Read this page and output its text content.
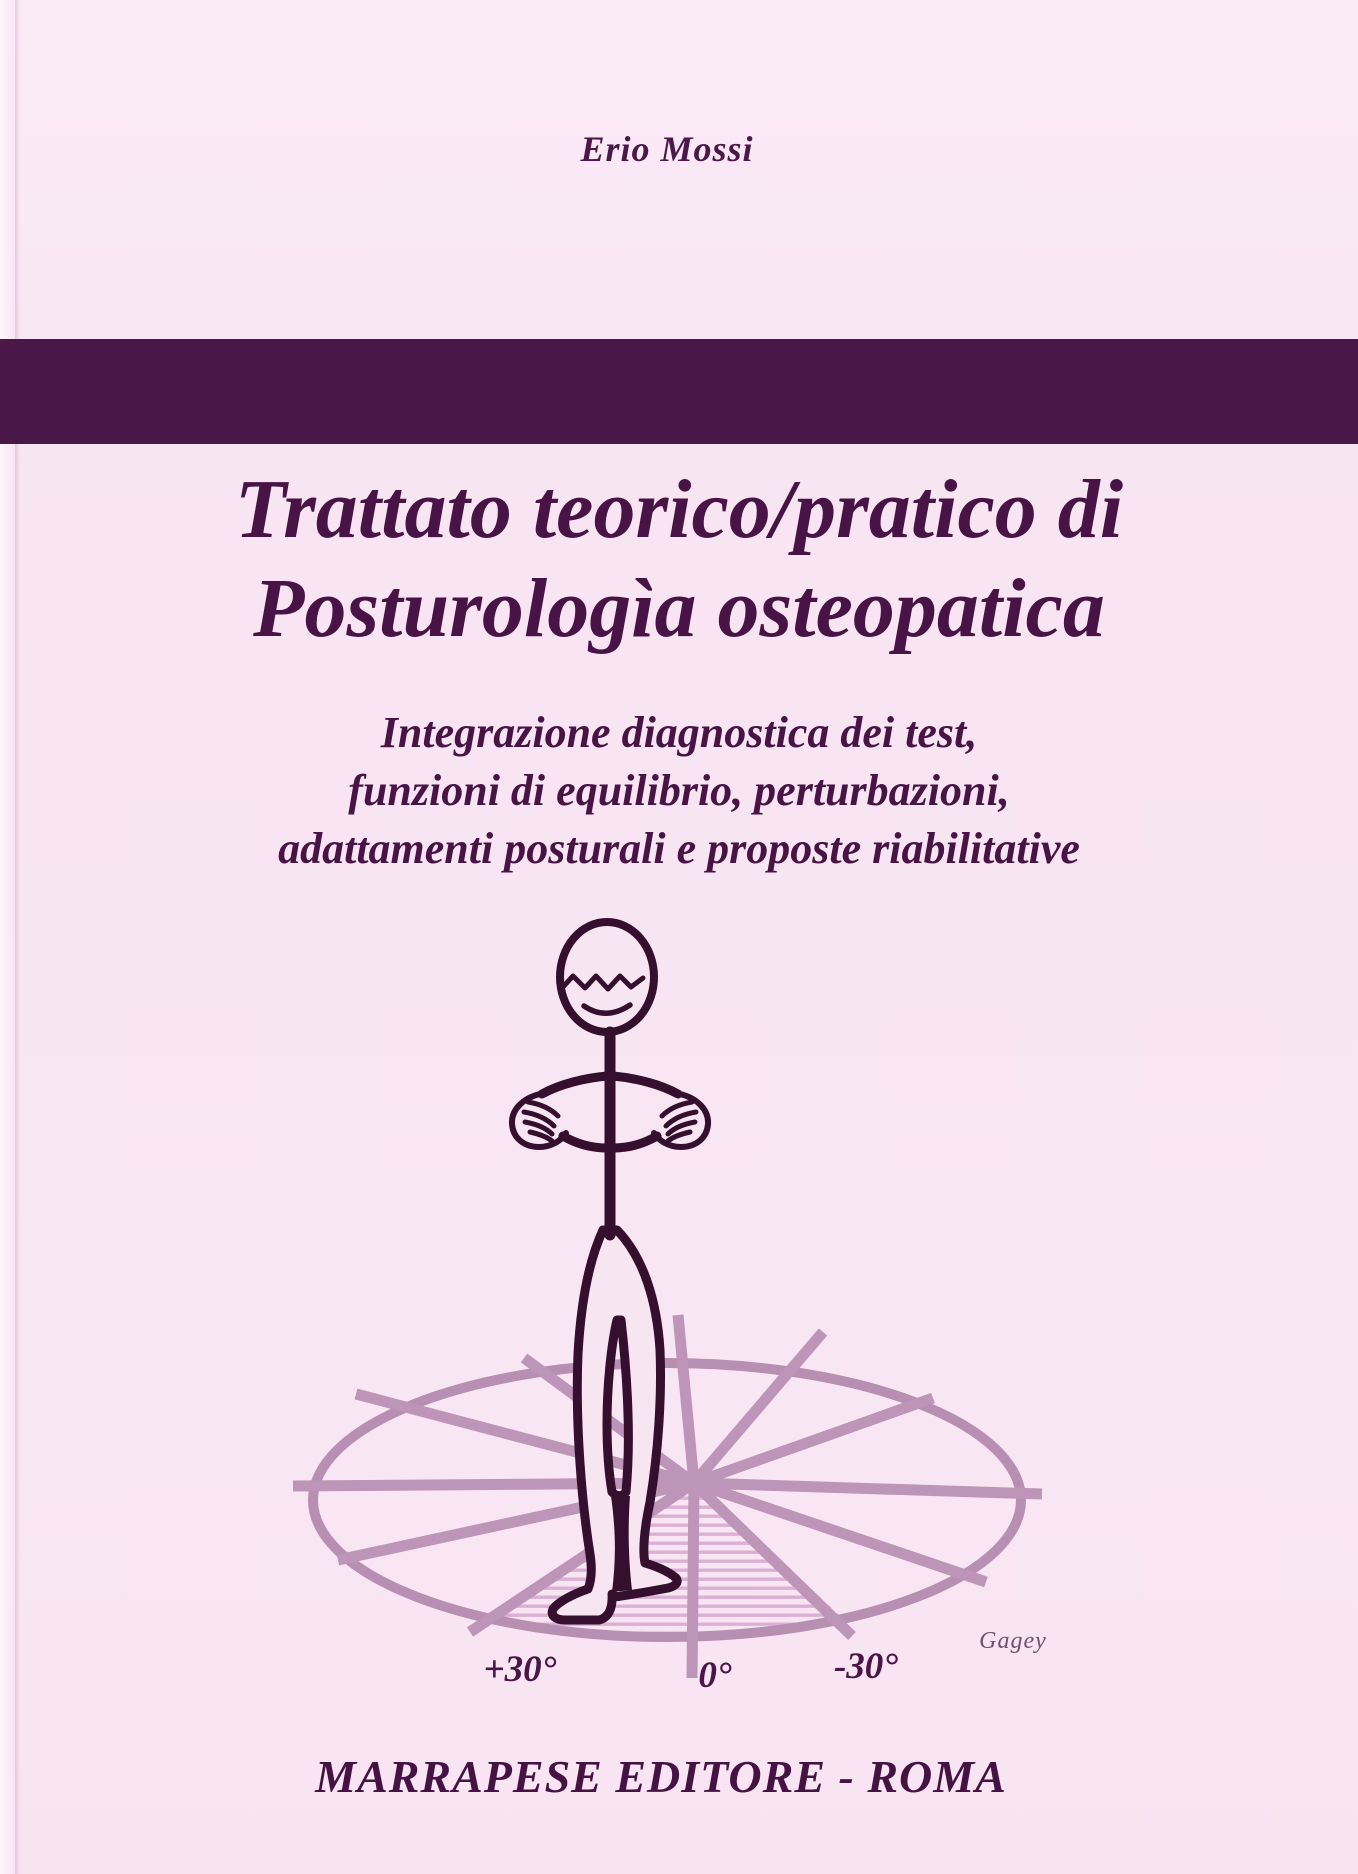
Erio Mossi
Trattato teorico/pratico di
Posturologìa osteopatica
Integrazione diagnostica dei test,
funzioni di equilibrio, perturbazioni,
adattamenti posturali e proposte riabilitative
+30°	0°	-30°
Gagey
MARRAPESE EDITORE - ROMA
